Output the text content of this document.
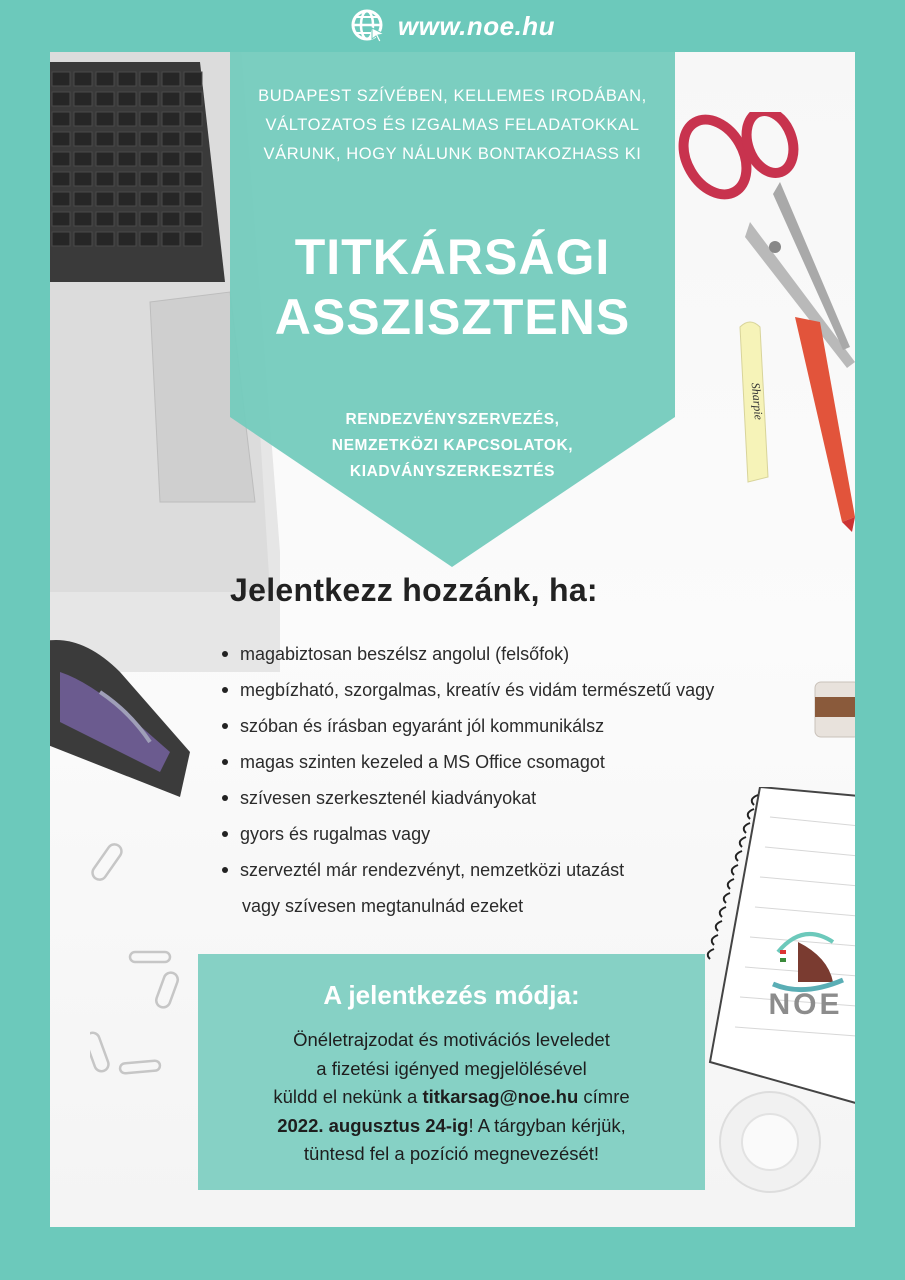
www.noe.hu
Sharpie
NOE
BUDAPEST SZÍVÉBEN, KELLEMES IRODÁBAN, VÁLTOZATOS ÉS IZGALMAS FELADATOKKAL VÁRUNK, HOGY NÁLUNK BONTAKOZHASS KI
TITKÁRSÁGI
ASSZISZTENS
RENDEZVÉNYSZERVEZÉS,
NEMZETKÖZI KAPCSOLATOK,
KIADVÁNYSZERKESZTÉS
Jelentkezz hozzánk, ha:
magabiztosan beszélsz angolul (felsőfok)
megbízható, szorgalmas, kreatív és vidám természetű vagy
szóban és írásban egyaránt jól kommunikálsz
magas szinten kezeled a MS Office csomagot
szívesen szerkesztenél kiadványokat
gyors és rugalmas vagy
szerveztél már rendezvényt, nemzetközi utazást
vagy szívesen megtanulnád ezeket
A jelentkezés módja:
Önéletrajzodat és motivációs leveledet
a fizetési igényed megjelölésével
küldd el nekünk a titkarsag@noe.hu címre
2022. augusztus 24-ig! A tárgyban kérjük,
tüntesd fel a pozíció megnevezését!
